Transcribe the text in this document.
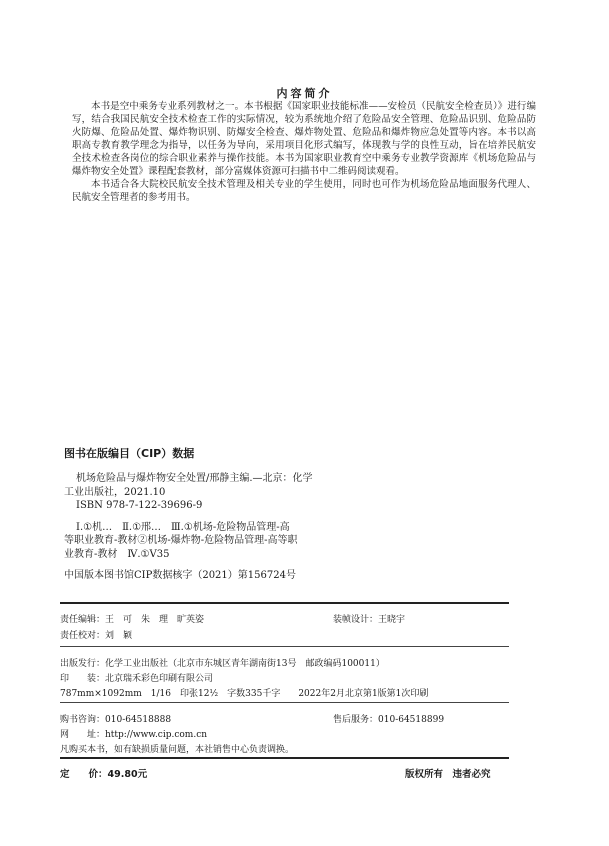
内容简介

本书是空中乘务专业系列教材之一。本书根据《国家职业技能标准——安检员（民航安全检查员）》进行编写，结合我国民航安全技术检查工作的实际情况，较为系统地介绍了危险品安全管理、危险品识别、危险品防火防爆、危险品处置、爆炸物识别、防爆安全检查、爆炸物处置、危险品和爆炸物应急处置等内容。本书以高职高专教育教学理念为指导，以任务为导向，采用项目化形式编写，体现教与学的良性互动，旨在培养民航安全技术检查各岗位的综合职业素养与操作技能。本书为国家职业教育空中乘务专业教学资源库《机场危险品与爆炸物安全处置》课程配套教材，部分富媒体资源可扫描书中二维码阅读观看。

本书适合各大院校民航安全技术管理及相关专业的学生使用，同时也可作为机场危险品地面服务代理人、民航安全管理者的参考用书。

图书在版编目（CIP）数据
机场危险品与爆炸物安全处置/邢静主编.—北京：化学
工业出版社，2021.10
ISBN 978-7-122-39696-9
Ⅰ.①机…　Ⅱ.①邢…　Ⅲ.①机场-危险物品管理-高
等职业教育-教材②机场-爆炸物-危险物品管理-高等职
业教育-教材　Ⅳ.①V35
中国版本图书馆CIP数据核字（2021）第156724号
责任编辑：王　可　朱　理　旷英姿	装帧设计：王晓宇
责任校对：刘　颖
出版发行：化学工业出版社（北京市东城区青年湖南街13号　邮政编码100011）
印　　装：北京瑞禾彩色印刷有限公司
787mm×1092mm　1/16　印张12½　字数335千字　　2022年2月北京第1版第1次印刷
购书咨询：010-64518888	售后服务：010-64518899
网　　址：http://www.cip.com.cn
凡购买本书，如有缺损质量问题，本社销售中心负责调换。
定　　价：49.80元	版权所有　违者必究
